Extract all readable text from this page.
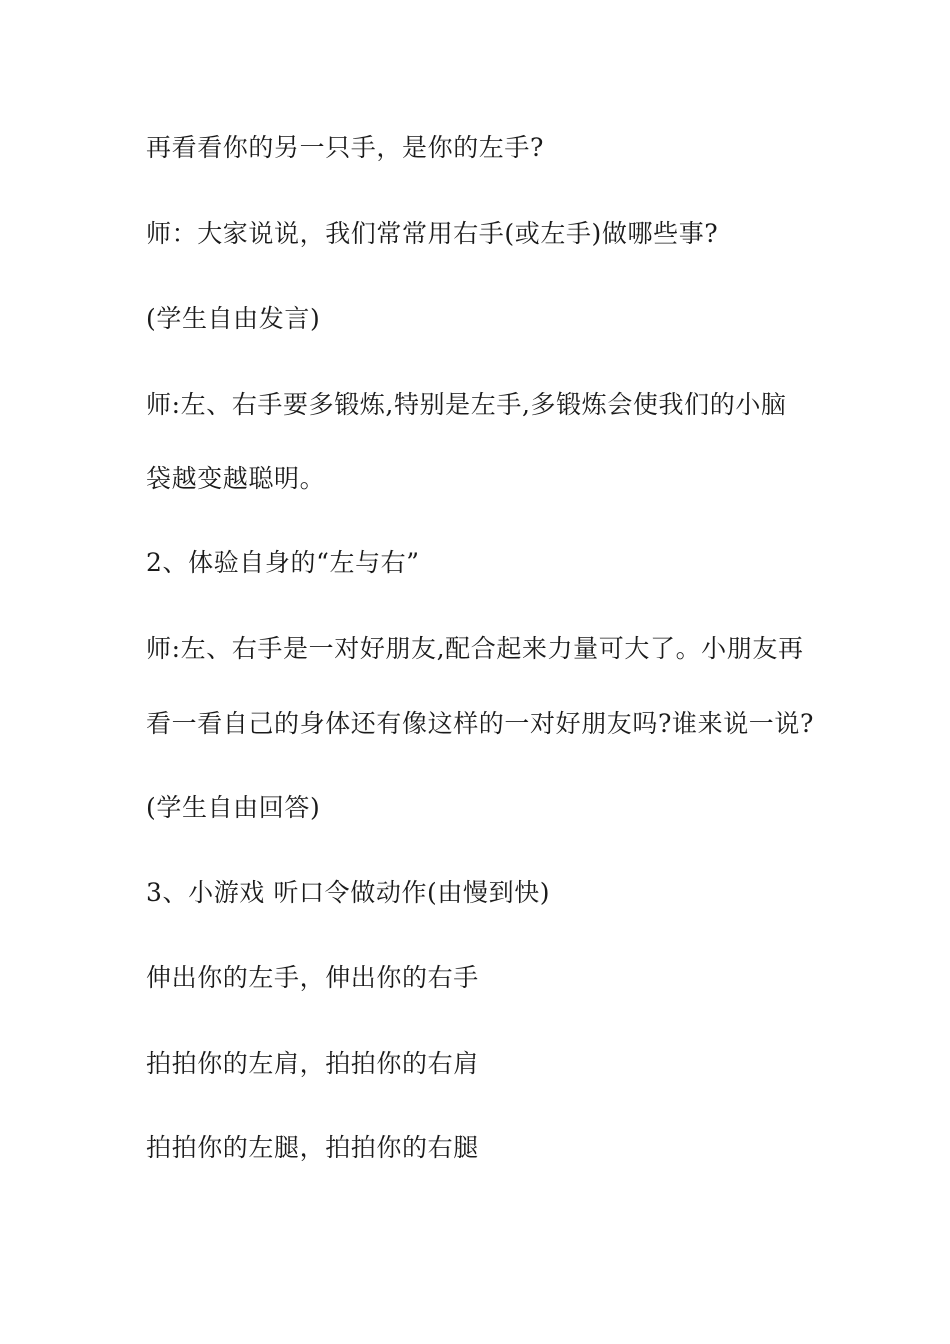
再看看你的另一只手，是你的左手?
师：大家说说，我们常常用右手(或左手)做哪些事?
(学生自由发言)
师:左、右手要多锻炼,特别是左手,多锻炼会使我们的小脑
袋越变越聪明。
2、体验自身的“左与右”
师:左、右手是一对好朋友,配合起来力量可大了。小朋友再
看一看自己的身体还有像这样的一对好朋友吗?谁来说一说?
(学生自由回答)
3、小游戏 听口令做动作(由慢到快)
伸出你的左手，伸出你的右手
拍拍你的左肩，拍拍你的右肩
拍拍你的左腿，拍拍你的右腿
